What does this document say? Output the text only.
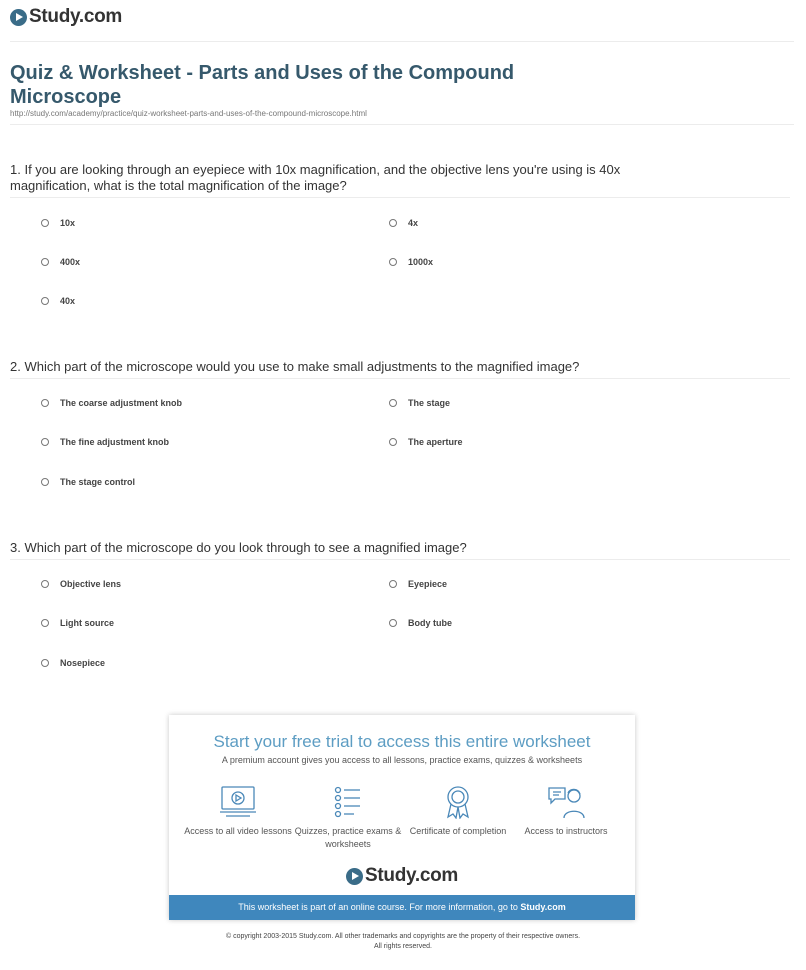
Study.com
Quiz & Worksheet - Parts and Uses of the Compound Microscope
http://study.com/academy/practice/quiz-worksheet-parts-and-uses-of-the-compound-microscope.html
1. If you are looking through an eyepiece with 10x magnification, and the objective lens you're using is 40x magnification, what is the total magnification of the image?
10x	4x
400x	1000x
40x
2. Which part of the microscope would you use to make small adjustments to the magnified image?
The coarse adjustment knob	The stage
The fine adjustment knob	The aperture
The stage control
3. Which part of the microscope do you look through to see a magnified image?
Objective lens	Eyepiece
Light source	Body tube
Nosepiece
Start your free trial to access this entire worksheet
A premium account gives you access to all lessons, practice exams, quizzes & worksheets
Access to all video lessons Quizzes, practice exams & worksheets
Certificate of completion	Access to instructors
Study.com
This worksheet is part of an online course. For more information, go to Study.com
© copyright 2003-2015 Study.com. All other trademarks and copyrights are the property of their respective owners.
All rights reserved.
